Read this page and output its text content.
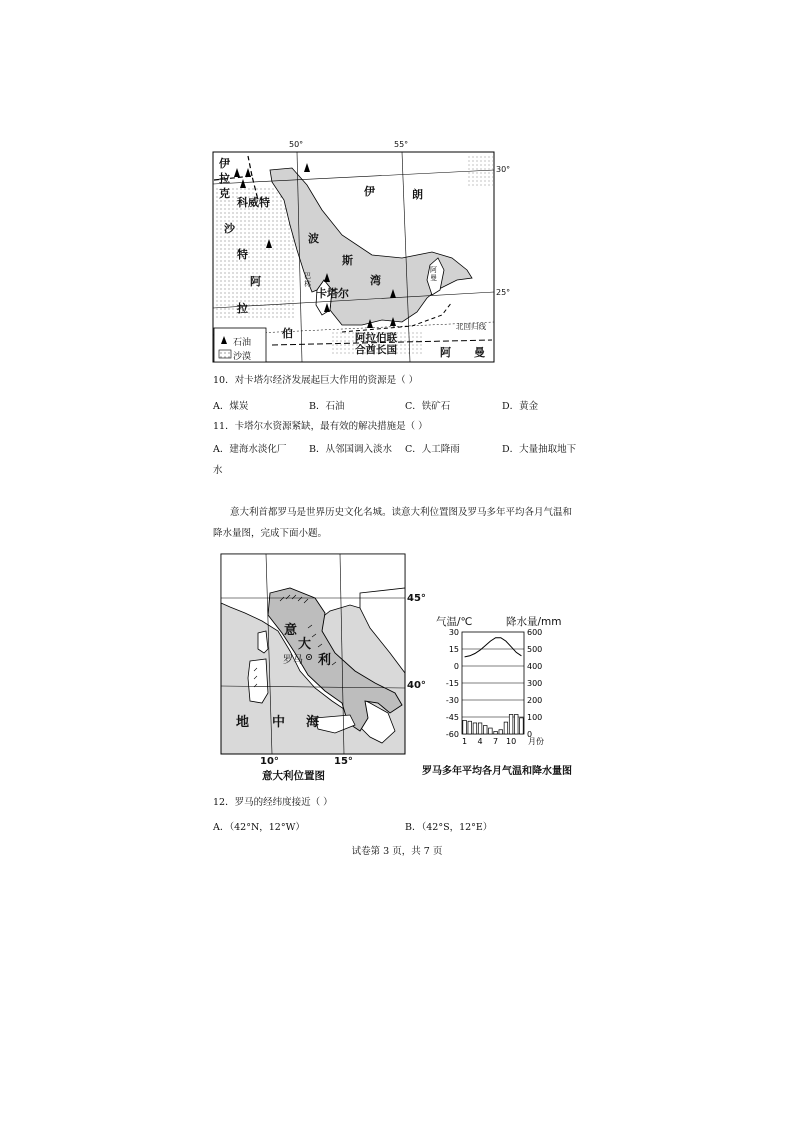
50°	55°
30°
25°
伊
拉
克
科威特
沙
特
阿
拉
伯
伊	朗
波
斯
湾
巴林
卡塔尔
阿曼
阿拉伯联
合酋长国	阿 曼
北回归线
石油
沙漠
10．对卡塔尔经济发展起巨大作用的资源是（ ）
A．煤炭	B．石油	C．铁矿石	D．黄金
11．卡塔尔水资源紧缺，最有效的解决措施是（ ）
A．建海水淡化厂 B．从邻国调入淡水 C．人工降雨	D．大量抽取地下
水
意大利首都罗马是世界历史文化名城。读意大利位置图及罗马多年平均各月气温和
降水量图，完成下面小题。
45°
40°
10°	15°
意
大
利
罗马
地 中 海
意大利位置图
气温/℃	降水量/mm
30	600
15	500
0	400
-15	300
-30	200
-45	100
-60	0
1 4 7 10 月份
罗马多年平均各月气温和降水量图
12．罗马的经纬度接近（ ）
A．（42°N，12°W）	B．（42°S，12°E）
试卷第 3 页，共 7 页
